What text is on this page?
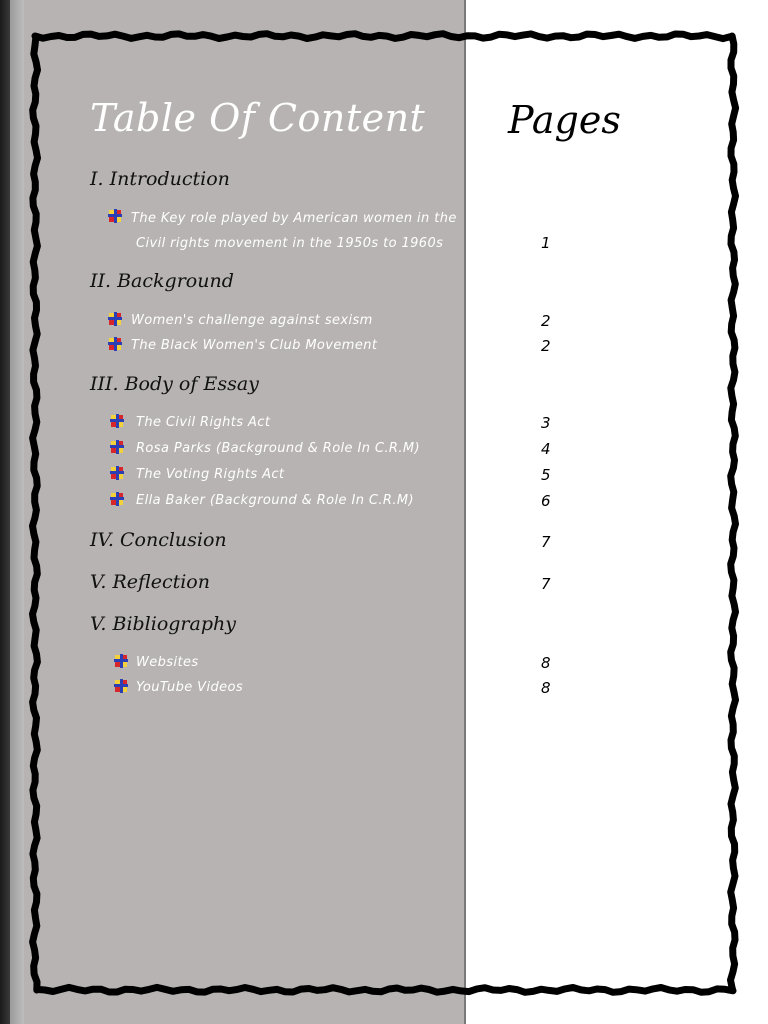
Table Of Content Pages
I. Introduction
The Key role played by American women in the
Civil rights movement in the 1950s to 1960s	1
II. Background
Women's challenge against sexism	2
The Black Women's Club Movement	2
III. Body of Essay
The Civil Rights Act	3
Rosa Parks (Background & Role In C.R.M)	4
The Voting Rights Act	5
Ella Baker (Background & Role In C.R.M)	6
IV. Conclusion	7
V. Reflection	7
V. Bibliography
Websites	8
YouTube Videos	8
